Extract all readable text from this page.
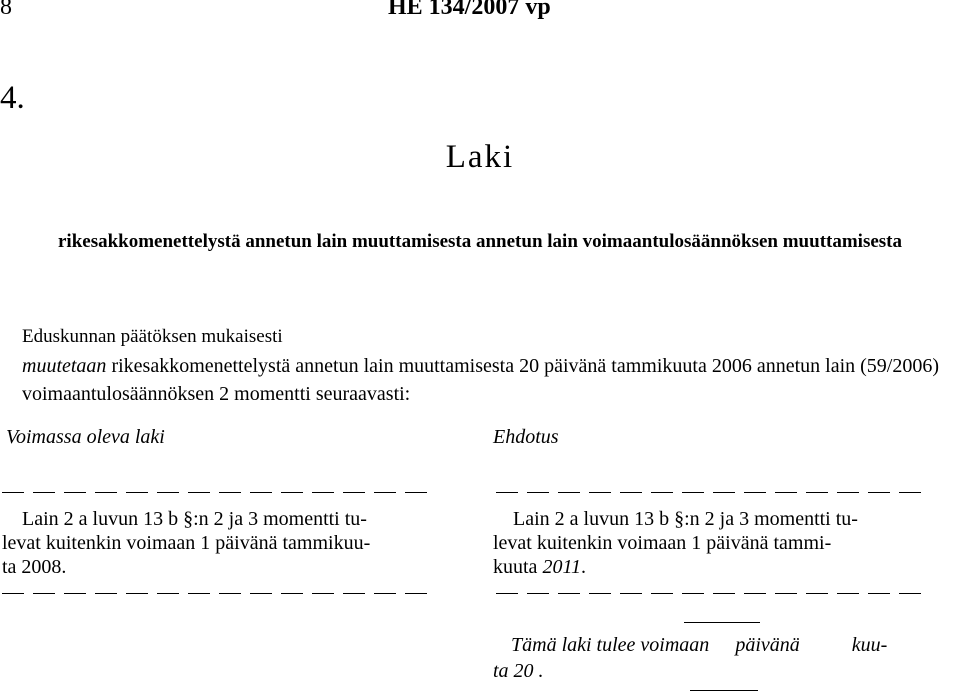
8	HE 134/2007 vp
4.
Laki
rikesakkomenettelystä annetun lain muuttamisesta annetun lain voimaantulosäännöksen muuttamisesta
Eduskunnan päätöksen mukaisesti
muutetaan rikesakkomenettelystä annetun lain muuttamisesta 20 päivänä tammikuuta 2006 annetun lain (59/2006) voimaantulosäännöksen 2 momentti seuraavasti:
Voimassa oleva laki	Ehdotus
Lain 2 a luvun 13 b §:n 2 ja 3 momentti tu-
levat kuitenkin voimaan 1 päivänä tammikuu-
ta 2008.
Lain 2 a luvun 13 b §:n 2 ja 3 momentti tu-
levat kuitenkin voimaan 1 päivänä tammi-
kuuta 2011.
Tämä laki tulee voimaan päivänä	kuu-
ta 20 .
